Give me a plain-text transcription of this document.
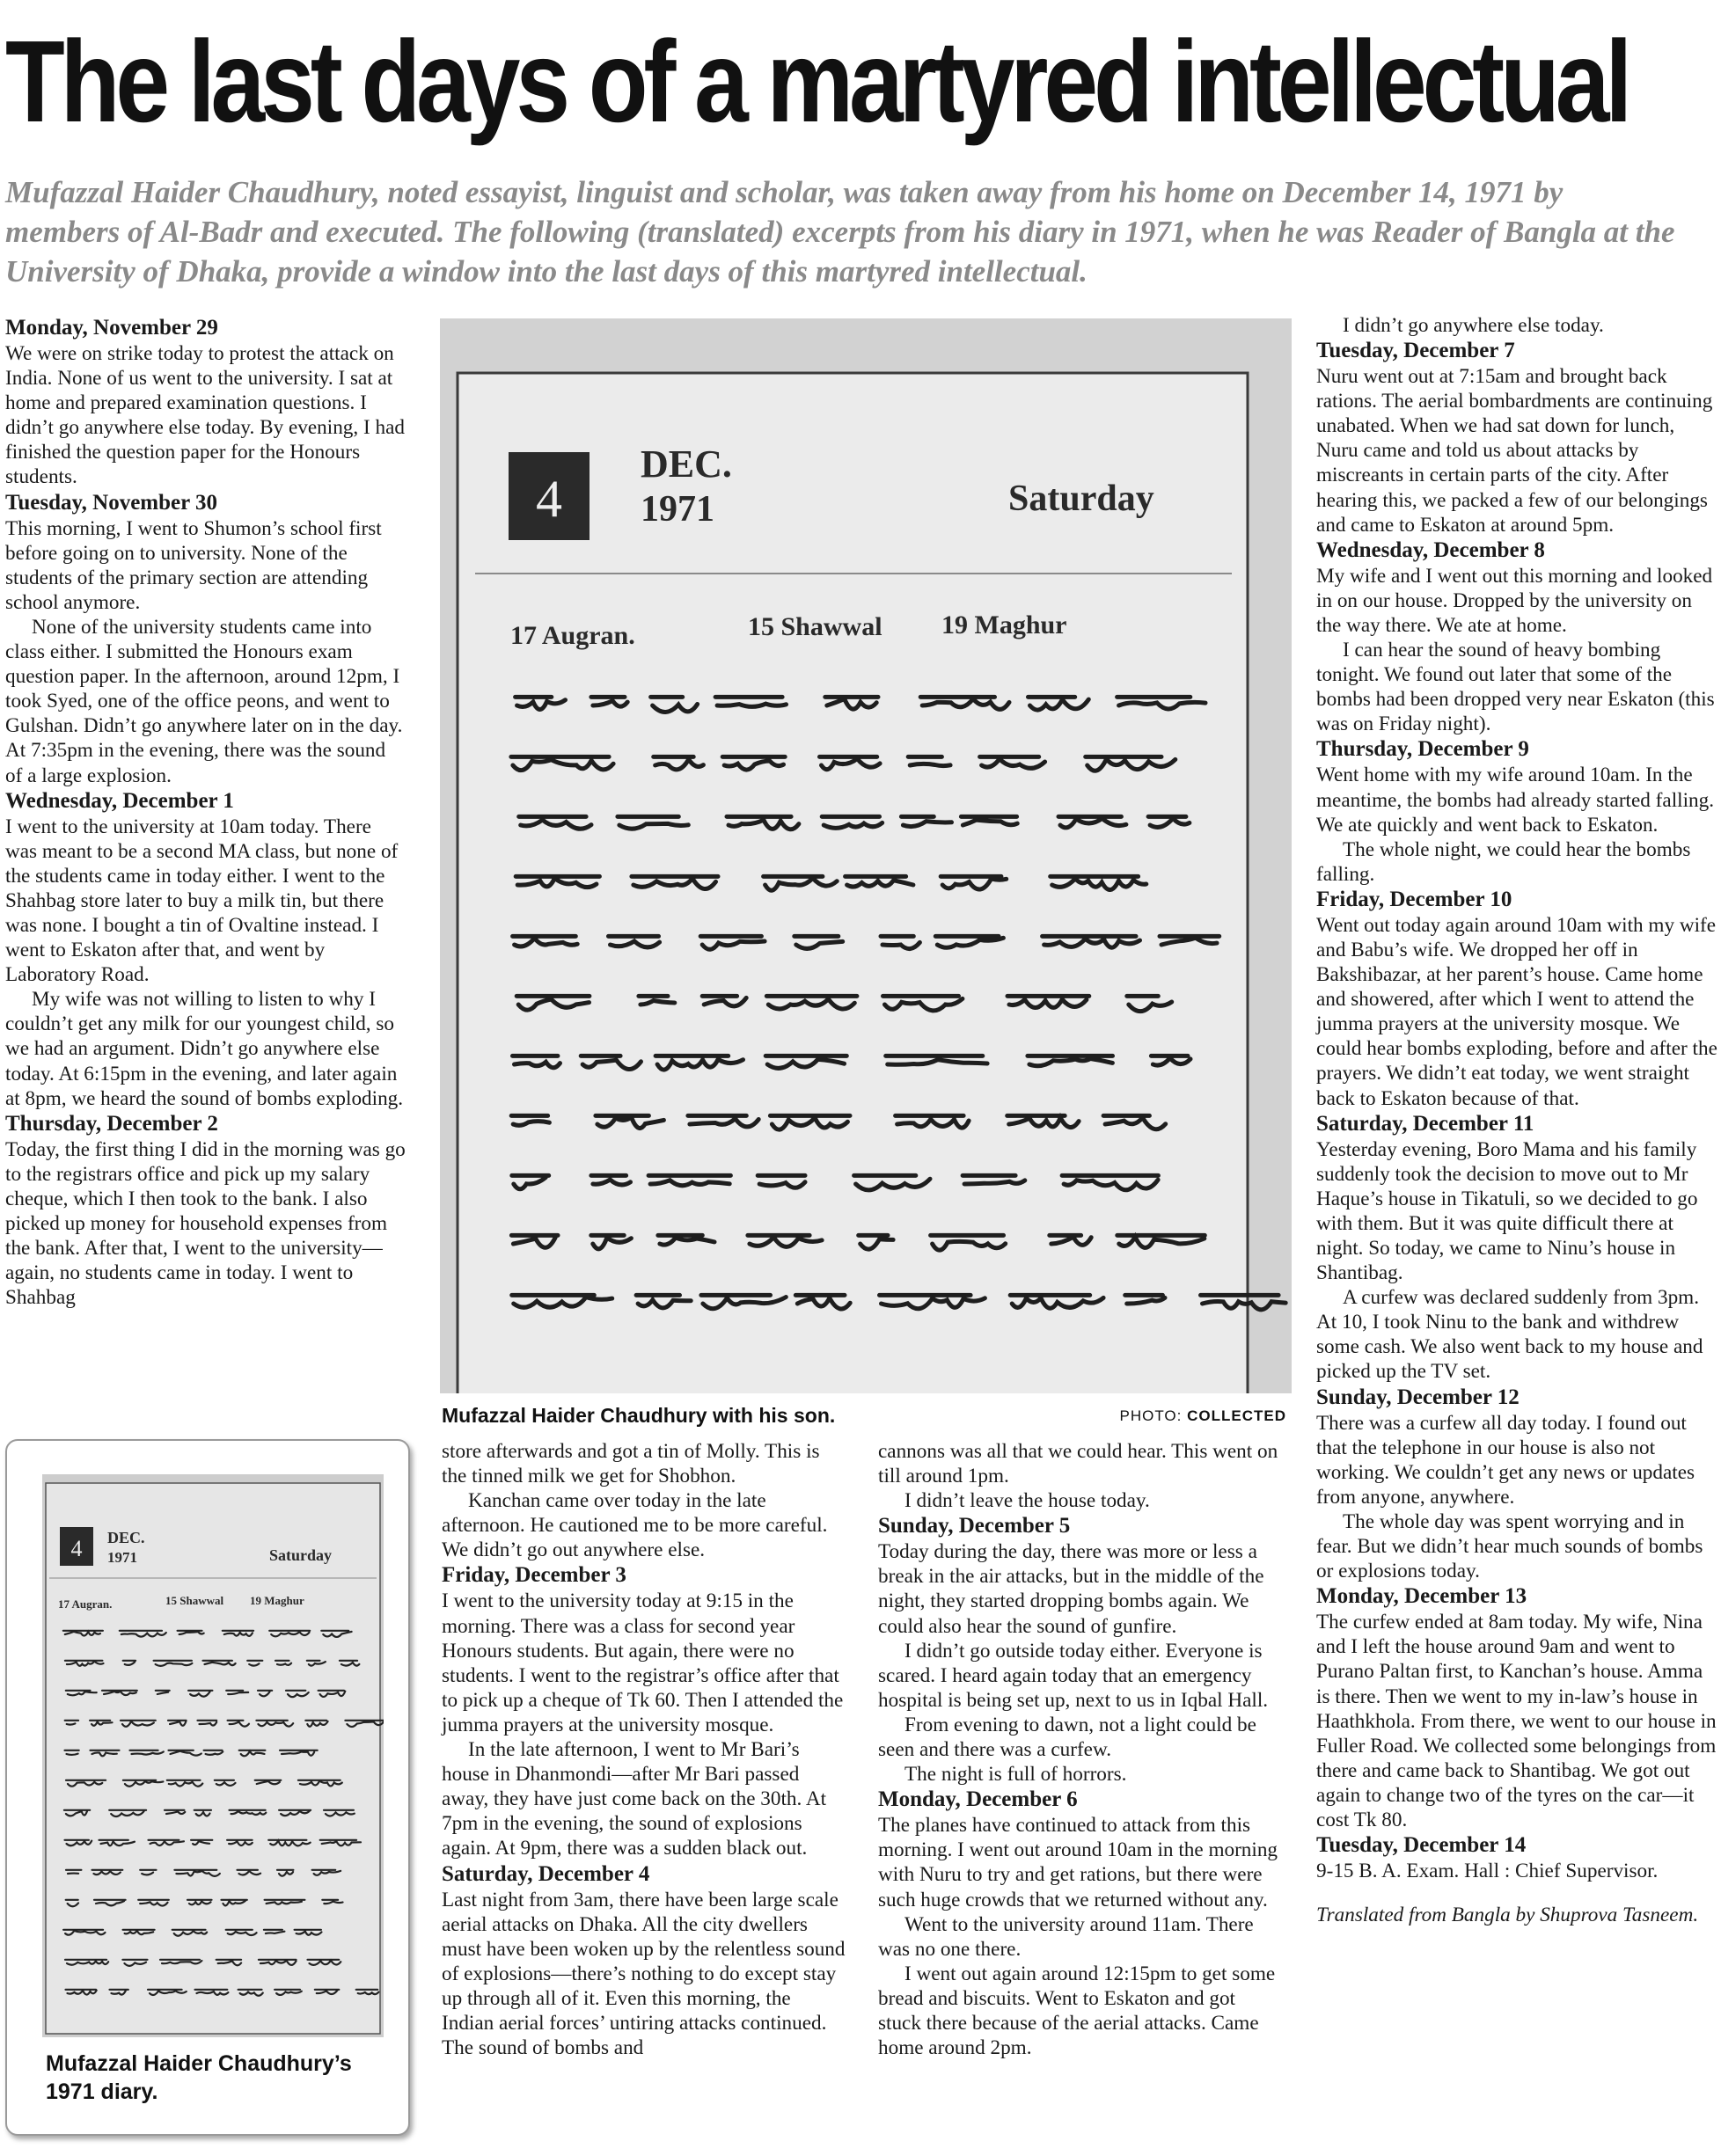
The last days of a martyred intellectual

Mufazzal Haider Chaudhury, noted essayist, linguist and scholar, was taken away from his home on December 14, 1971 by members of Al-Badr and executed. The following (translated) excerpts from his diary in 1971, when he was Reader of Bangla at the University of Dhaka, provide a window into the last days of this martyred intellectual.

Monday, November 29

We were on strike today to protest the attack on India. None of us went to the university. I sat at home and prepared examination questions. I didn’t go anywhere else today. By evening, I had finished the question paper for the Honours students.

Tuesday, November 30

This morning, I went to Shumon’s school first before going on to university. None of the students of the primary section are attending school anymore.

None of the university students came into class either. I submitted the Honours exam question paper. In the afternoon, around 12pm, I took Syed, one of the office peons, and went to Gulshan. Didn’t go anywhere later on in the day. At 7:35pm in the evening, there was the sound of a large explosion.

Wednesday, December 1

I went to the university at 10am today. There was meant to be a second MA class, but none of the students came in today either. I went to the Shahbag store later to buy a milk tin, but there was none. I bought a tin of Ovaltine instead. I went to Eskaton after that, and went by Laboratory Road.

My wife was not willing to listen to why I couldn’t get any milk for our youngest child, so we had an argument. Didn’t go anywhere else today. At 6:15pm in the evening, and later again at 8pm, we heard the sound of bombs exploding.

Thursday, December 2

Today, the first thing I did in the morning was go to the registrars office and pick up my salary cheque, which I then took to the bank. I also picked up money for household expenses from the bank. After that, I went to the university—again, no students came in today. I went to Shahbag

4
DEC.
1971	Saturday
17 Augran.	15 Shawwal 19 Maghur
Mufazzal Haider Chaudhury with his son.	PHOTO: COLLECTED
4 DEC.
1971	Saturday
17 Augran.	15 Shawwal 19 Maghur
Mufazzal Haider Chaudhury’s 1971 diary.

store afterwards and got a tin of Molly. This is the tinned milk we get for Shobhon.

Kanchan came over today in the late afternoon. He cautioned me to be more careful. We didn’t go out anywhere else.

Friday, December 3

I went to the university today at 9:15 in the morning. There was a class for second year Honours students. But again, there were no students. I went to the registrar’s office after that to pick up a cheque of Tk 60. Then I attended the jumma prayers at the university mosque.

In the late afternoon, I went to Mr Bari’s house in Dhanmondi—after Mr Bari passed away, they have just come back on the 30th. At 7pm in the evening, the sound of explosions again. At 9pm, there was a sudden black out.

Saturday, December 4

Last night from 3am, there have been large scale aerial attacks on Dhaka. All the city dwellers must have been woken up by the relentless sound of explosions—there’s nothing to do except stay up through all of it. Even this morning, the Indian aerial forces’ untiring attacks continued. The sound of bombs and

cannons was all that we could hear. This went on till around 1pm.

I didn’t leave the house today.

Sunday, December 5

Today during the day, there was more or less a break in the air attacks, but in the middle of the night, they started dropping bombs again. We could also hear the sound of gunfire.

I didn’t go outside today either. Everyone is scared. I heard again today that an emergency hospital is being set up, next to us in Iqbal Hall.

From evening to dawn, not a light could be seen and there was a curfew.

The night is full of horrors.

Monday, December 6

The planes have continued to attack from this morning. I went out around 10am in the morning with Nuru to try and get rations, but there were such huge crowds that we returned without any.

Went to the university around 11am. There was no one there.

I went out again around 12:15pm to get some bread and biscuits. Went to Eskaton and got stuck there because of the aerial attacks. Came home around 2pm.

I didn’t go anywhere else today.

Tuesday, December 7

Nuru went out at 7:15am and brought back rations. The aerial bombardments are continuing unabated. When we had sat down for lunch, Nuru came and told us about attacks by miscreants in certain parts of the city. After hearing this, we packed a few of our belongings and came to Eskaton at around 5pm.

Wednesday, December 8

My wife and I went out this morning and looked in on our house. Dropped by the university on the way there. We ate at home.

I can hear the sound of heavy bombing tonight. We found out later that some of the bombs had been dropped very near Eskaton (this was on Friday night).

Thursday, December 9

Went home with my wife around 10am. In the meantime, the bombs had already started falling. We ate quickly and went back to Eskaton.

The whole night, we could hear the bombs falling.

Friday, December 10

Went out today again around 10am with my wife and Babu’s wife. We dropped her off in Bakshibazar, at her parent’s house. Came home and showered, after which I went to attend the jumma prayers at the university mosque. We could hear bombs exploding, before and after the prayers. We didn’t eat today, we went straight back to Eskaton because of that.

Saturday, December 11

Yesterday evening, Boro Mama and his family suddenly took the decision to move out to Mr Haque’s house in Tikatuli, so we decided to go with them. But it was quite difficult there at night. So today, we came to Ninu’s house in Shantibag.

A curfew was declared suddenly from 3pm. At 10, I took Ninu to the bank and withdrew some cash. We also went back to my house and picked up the TV set.

Sunday, December 12

There was a curfew all day today. I found out that the telephone in our house is also not working. We couldn’t get any news or updates from anyone, anywhere.

The whole day was spent worrying and in fear. But we didn’t hear much sounds of bombs or explosions today.

Monday, December 13

The curfew ended at 8am today. My wife, Nina and I left the house around 9am and went to Purano Paltan first, to Kanchan’s house. Amma is there. Then we went to my in-law’s house in Haathkhola. From there, we went to our house in Fuller Road. We collected some belongings from there and came back to Shantibag. We got out again to change two of the tyres on the car—it cost Tk 80.

Tuesday, December 14

9-15 B. A. Exam. Hall : Chief Supervisor.

Translated from Bangla by Shuprova Tasneem.
